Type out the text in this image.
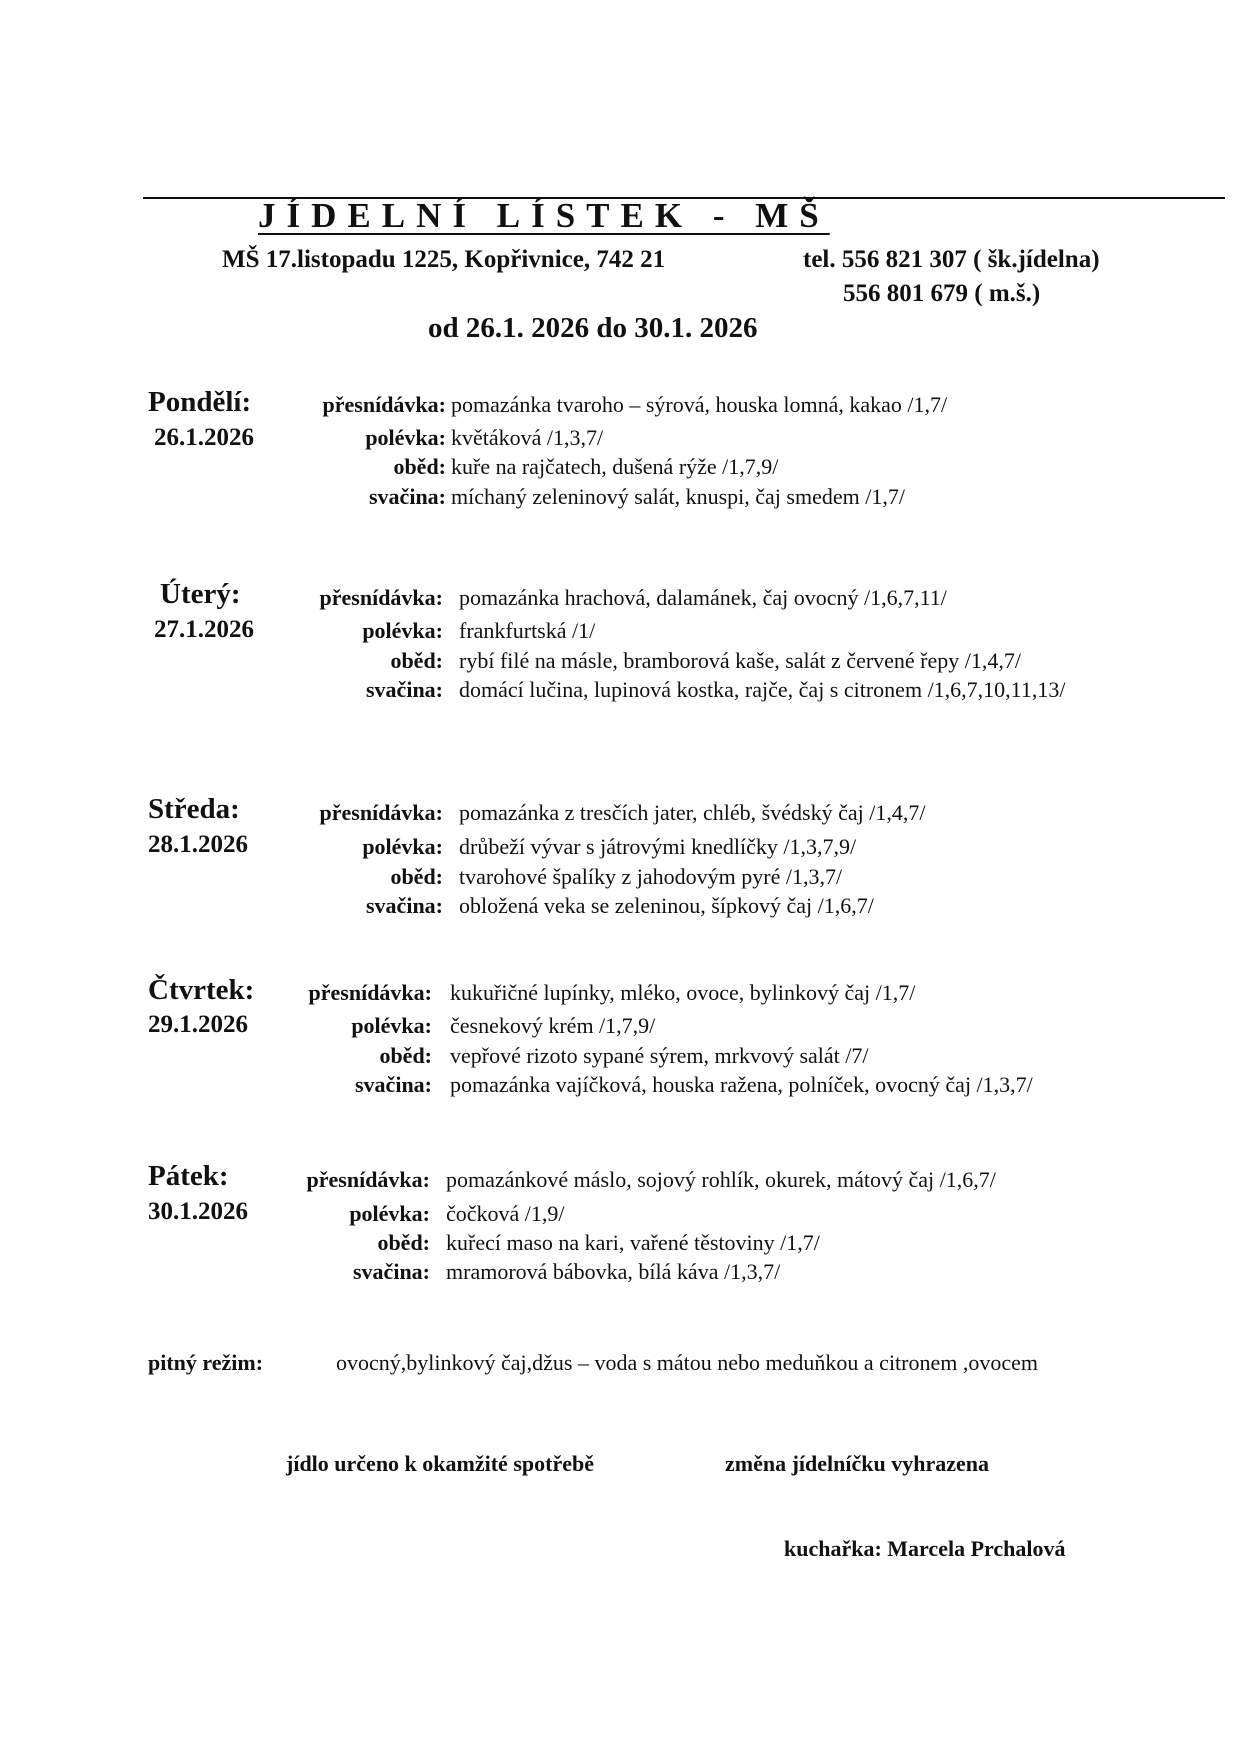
JÍDELNÍ LÍSTEK - MŠ
MŠ 17.listopadu 1225, Kopřivnice, 742 21	tel. 556 821 307 ( šk.jídelna)
556 801 679 ( m.š.)
od 26.1. 2026 do 30.1. 2026
Pondělí:
26.1.2026
přesnídávka: pomazánka tvaroho – sýrová, houska lomná, kakao /1,7/
polévka: květáková /1,3,7/
oběd: kuře na rajčatech, dušená rýže /1,7,9/
svačina: míchaný zeleninový salát, knuspi, čaj smedem /1,7/
Úterý:
27.1.2026
přesnídávka: pomazánka hrachová, dalamánek, čaj ovocný /1,6,7,11/
polévka: frankfurtská /1/
oběd: rybí filé na másle, bramborová kaše, salát z červené řepy /1,4,7/
svačina: domácí lučina, lupinová kostka, rajče, čaj s citronem /1,6,7,10,11,13/
Středa:
28.1.2026
přesnídávka: pomazánka z tresčích jater, chléb, švédský čaj /1,4,7/
polévka: drůbeží vývar s játrovými knedlíčky /1,3,7,9/
oběd: tvarohové špalíky z jahodovým pyré /1,3,7/
svačina: obložená veka se zeleninou, šípkový čaj /1,6,7/
Čtvrtek:
29.1.2026
přesnídávka: kukuřičné lupínky, mléko, ovoce, bylinkový čaj /1,7/
polévka: česnekový krém /1,7,9/
oběd: vepřové rizoto sypané sýrem, mrkvový salát /7/
svačina: pomazánka vajíčková, houska ražena, polníček, ovocný čaj /1,3,7/
Pátek:
30.1.2026
přesnídávka: pomazánkové máslo, sojový rohlík, okurek, mátový čaj /1,6,7/
polévka: čočková /1,9/
oběd: kuřecí maso na kari, vařené těstoviny /1,7/
svačina: mramorová bábovka, bílá káva /1,3,7/
pitný režim:	ovocný,bylinkový čaj,džus – voda s mátou nebo meduňkou a citronem ,ovocem
jídlo určeno k okamžité spotřebě	změna jídelníčku vyhrazena
kuchařka: Marcela Prchalová
